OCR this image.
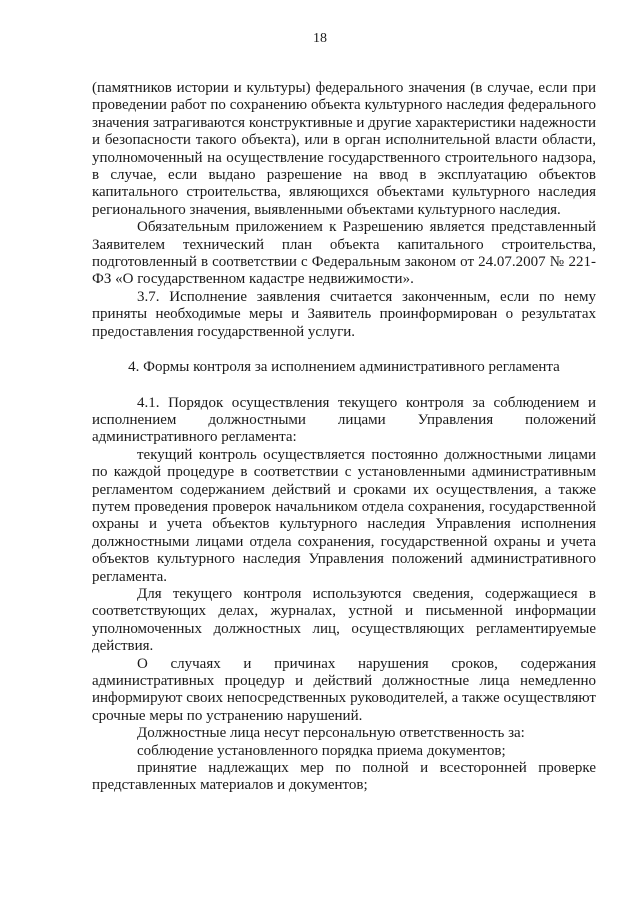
18

(памятников истории и культуры) федерального значения (в случае, если при проведении работ по сохранению объекта культурного наследия федерального значения затрагиваются конструктивные и другие характеристики надежности и безопасности такого объекта), или в орган исполнительной власти области, уполномоченный на осуществление государственного строительного надзора, в случае, если выдано разрешение на ввод в эксплуатацию объектов капитального строительства, являющихся объектами культурного наследия регионального значения, выявленными объектами культурного наследия.

Обязательным приложением к Разрешению является представленный Заявителем технический план объекта капитального строительства, подготовленный в соответствии с Федеральным законом от 24.07.2007 № 221-ФЗ «О государственном кадастре недвижимости».

3.7. Исполнение заявления считается законченным, если по нему приняты необходимые меры и Заявитель проинформирован о результатах предоставления государственной услуги.

4. Формы контроля за исполнением административного регламента

4.1. Порядок осуществления текущего контроля за соблюдением и исполнением должностными лицами Управления положений административного регламента:

текущий контроль осуществляется постоянно должностными лицами по каждой процедуре в соответствии с установленными административным регламентом содержанием действий и сроками их осуществления, а также путем проведения проверок начальником отдела сохранения, государственной охраны и учета объектов культурного наследия Управления исполнения должностными лицами отдела сохранения, государственной охраны и учета объектов культурного наследия Управления положений административного регламента.

Для текущего контроля используются сведения, содержащиеся в соответствующих делах, журналах, устной и письменной информации уполномоченных должностных лиц, осуществляющих регламентируемые действия.

О случаях и причинах нарушения сроков, содержания административных процедур и действий должностные лица немедленно информируют своих непосредственных руководителей, а также осуществляют срочные меры по устранению нарушений.

Должностные лица несут персональную ответственность за:

соблюдение установленного порядка приема документов;

принятие надлежащих мер по полной и всесторонней проверке представленных материалов и документов;
